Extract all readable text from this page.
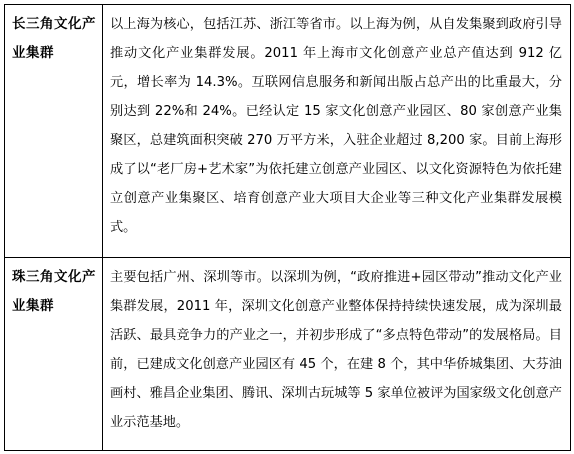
长三角文化产业集群	以上海为核心，包括江苏、浙江等省市。以上海为例，从自发集聚到政府引导推动文化产业集群发展。2011 年上海市文化创意产业总产值达到 912 亿元，增长率为 14.3%。互联网信息服务和新闻出版占总产出的比重最大，分别达到 22%和 24%。已经认定 15 家文化创意产业园区、80 家创意产业集聚区，总建筑面积突破 270 万平方米，入驻企业超过 8,200 家。目前上海形成了以“老厂房+艺术家”为依托建立创意产业园区、以文化资源特色为依托建立创意产业集聚区、培育创意产业大项目大企业等三种文化产业集群发展模式。

珠三角文化产业集群	主要包括广州、深圳等市。以深圳为例，“政府推进+园区带动”推动文化产业集群发展，2011 年，深圳文化创意产业整体保持持续快速发展，成为深圳最活跃、最具竞争力的产业之一，并初步形成了“多点特色带动”的发展格局。目前，已建成文化创意产业园区有 45 个，在建 8 个，其中华侨城集团、大芬油画村、雅昌企业集团、腾讯、深圳古玩城等 5 家单位被评为国家级文化创意产业示范基地。
